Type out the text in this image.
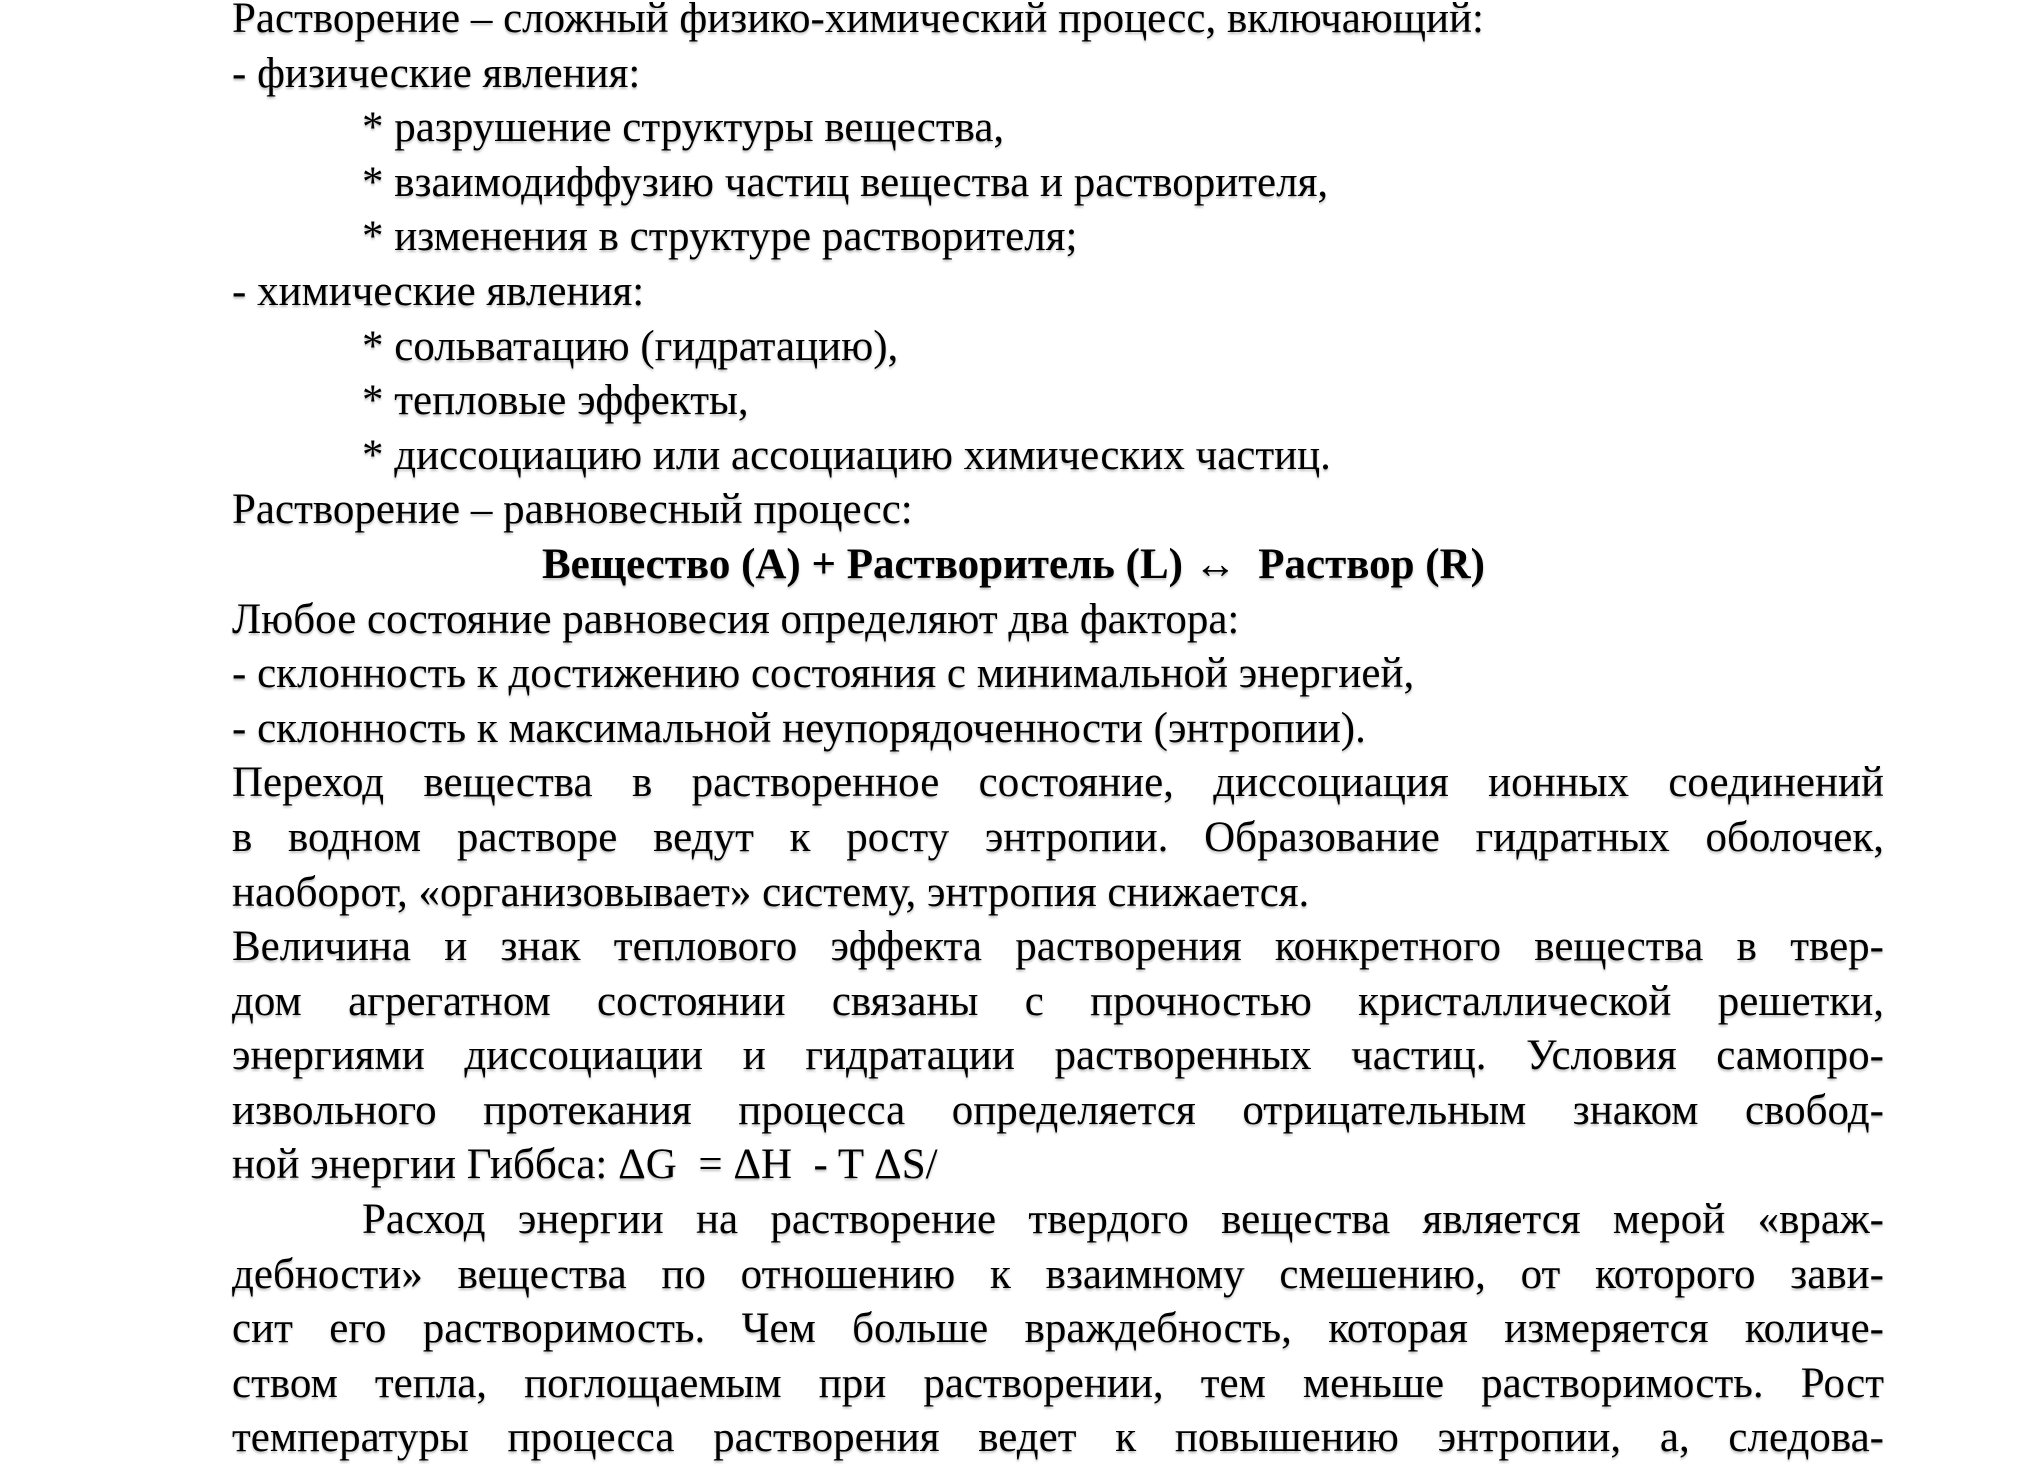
Растворение – сложный физико-химический процесс, включающий:
- физические явления:
* разрушение структуры вещества,
* взаимодиффузию частиц вещества и растворителя,
* изменения в структуре растворителя;
- химические явления:
* сольватацию (гидратацию),
* тепловые эффекты,
* диссоциацию или ассоциацию химических частиц.
Растворение – равновесный процесс:
Вещество (А) + Растворитель (L) ↔  Раствор (R)
Любое состояние равновесия определяют два фактора:
- склонность к достижению состояния с минимальной энергией,
- склонность к максимальной неупорядоченности (энтропии).
Переход вещества в растворенное состояние, диссоциация ионных соединений
в водном растворе ведут к росту энтропии. Образование гидратных оболочек,
наоборот, «организовывает» систему, энтропия снижается.
Величина и знак теплового эффекта растворения конкретного вещества в твер-
дом агрегатном состоянии связаны с прочностью кристаллической решетки,
энергиями диссоциации и гидратации растворенных частиц. Условия самопро-
извольного протекания процесса определяется отрицательным знаком свобод-
ной энергии Гиббса: ΔG  = ΔH  - T ΔS/
Расход энергии на растворение твердого вещества является мерой «враж-
дебности» вещества по отношению к взаимному смешению, от которого зави-
сит его растворимость. Чем больше враждебность, которая измеряется количе-
ством тепла, поглощаемым при растворении, тем меньше растворимость. Рост
температуры процесса растворения ведет к повышению энтропии, а, следова-
